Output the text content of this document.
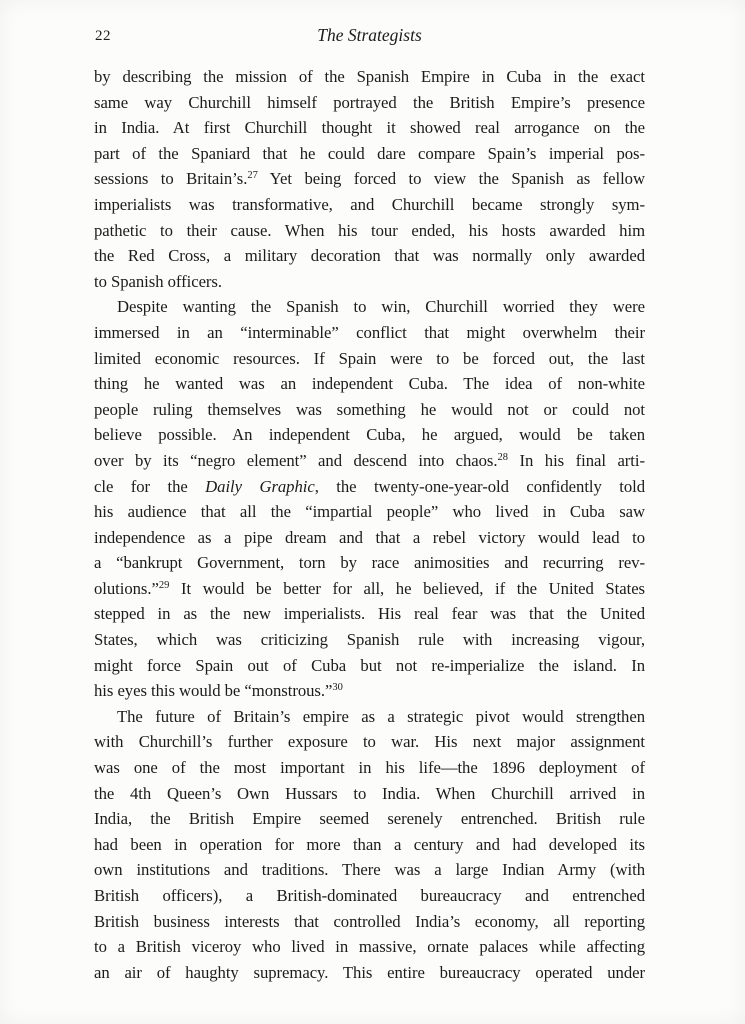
22	The Strategists

by describing the mission of the Spanish Empire in Cuba in the exact
same way Churchill himself portrayed the British Empire’s presence
in India. At first Churchill thought it showed real arrogance on the
part of the Spaniard that he could dare compare Spain’s imperial pos-
sessions to Britain’s.$^{27}$ Yet being forced to view the Spanish as fellow
imperialists was transformative, and Churchill became strongly sym-
pathetic to their cause. When his tour ended, his hosts awarded him
the Red Cross, a military decoration that was normally only awarded
to Spanish officers.

Despite wanting the Spanish to win, Churchill worried they were
immersed in an “interminable” conflict that might overwhelm their
limited economic resources. If Spain were to be forced out, the last
thing he wanted was an independent Cuba. The idea of non-white
people ruling themselves was something he would not or could not
believe possible. An independent Cuba, he argued, would be taken
over by its “negro element” and descend into chaos.$^{28}$ In his final arti-
cle for the Daily Graphic, the twenty-one-year-old confidently told
his audience that all the “impartial people” who lived in Cuba saw
independence as a pipe dream and that a rebel victory would lead to
a “bankrupt Government, torn by race animosities and recurring rev-
olutions.”$^{29}$ It would be better for all, he believed, if the United States
stepped in as the new imperialists. His real fear was that the United
States, which was criticizing Spanish rule with increasing vigour,
might force Spain out of Cuba but not re-imperialize the island. In
his eyes this would be “monstrous.”$^{30}$

The future of Britain’s empire as a strategic pivot would strengthen
with Churchill’s further exposure to war. His next major assignment
was one of the most important in his life—the 1896 deployment of
the 4th Queen’s Own Hussars to India. When Churchill arrived in
India, the British Empire seemed serenely entrenched. British rule
had been in operation for more than a century and had developed its
own institutions and traditions. There was a large Indian Army (with
British officers), a British-dominated bureaucracy and entrenched
British business interests that controlled India’s economy, all reporting
to a British viceroy who lived in massive, ornate palaces while affecting
an air of haughty supremacy. This entire bureaucracy operated under
